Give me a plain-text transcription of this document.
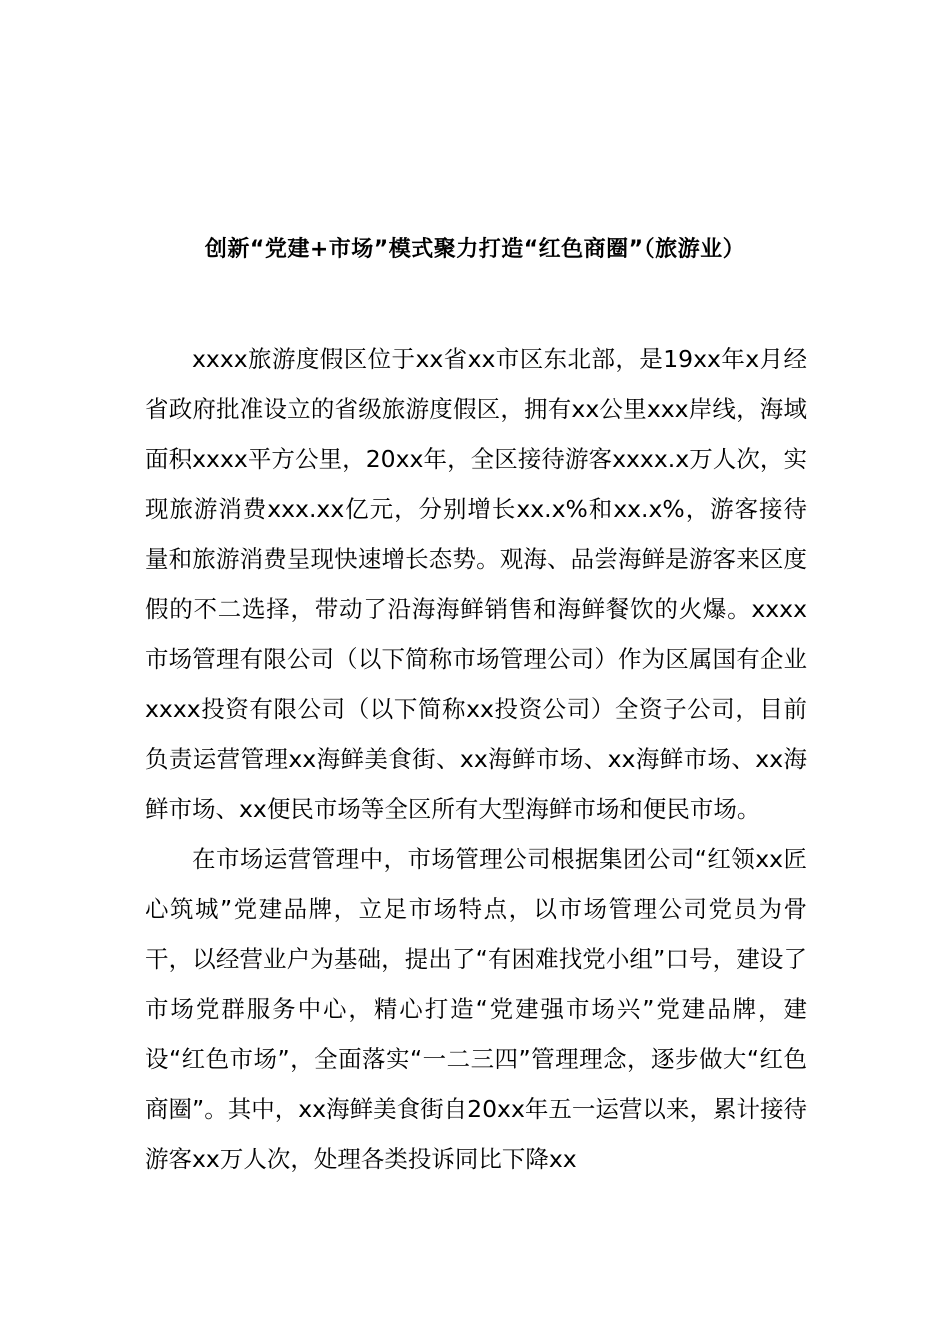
创新“党建+市场”模式聚力打造“红色商圈”（旅游业）

xxxx旅游度假区位于xx省xx市区东北部，是19xx年x月经省政府批准设立的省级旅游度假区，拥有xx公里xxx岸线，海域面积xxxx平方公里，20xx年，全区接待游客xxxx.x万人次，实现旅游消费xxx.xx亿元，分别增长xx.x%和xx.x%，游客接待量和旅游消费呈现快速增长态势。观海、品尝海鲜是游客来区度假的不二选择，带动了沿海海鲜销售和海鲜餐饮的火爆。xxxx市场管理有限公司（以下简称市场管理公司）作为区属国有企业xxxx投资有限公司（以下简称xx投资公司）全资子公司，目前负责运营管理xx海鲜美食街、xx海鲜市场、xx海鲜市场、xx海鲜市场、xx便民市场等全区所有大型海鲜市场和便民市场。

在市场运营管理中，市场管理公司根据集团公司“红领xx匠心筑城”党建品牌，立足市场特点，以市场管理公司党员为骨干，以经营业户为基础，提出了“有困难找党小组”口号，建设了市场党群服务中心，精心打造“党建强市场兴”党建品牌，建设“红色市场”，全面落实“一二三四”管理理念，逐步做大“红色商圈”。其中，xx海鲜美食街自20xx年五一运营以来，累计接待游客xx万人次，处理各类投诉同比下降xx
